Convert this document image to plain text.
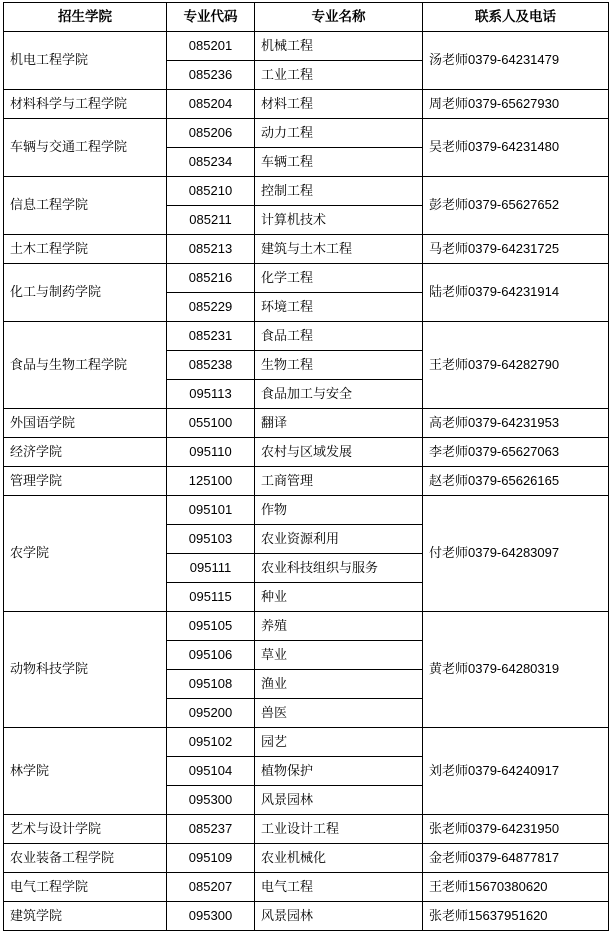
招生学院	专业代码	专业名称	联系人及电话
机电工程学院	085201	机械工程	汤老师0379-64231479
	085236	工业工程	
材料科学与工程学院	085204	材料工程	周老师0379-65627930
车辆与交通工程学院	085206	动力工程	吴老师0379-64231480
	085234	车辆工程	
信息工程学院	085210	控制工程	彭老师0379-65627652
	085211	计算机技术	
土木工程学院	085213	建筑与土木工程	马老师0379-64231725
化工与制药学院	085216	化学工程	陆老师0379-64231914
	085229	环境工程	
食品与生物工程学院	085231	食品工程	王老师0379-64282790
	085238	生物工程	
	095113	食品加工与安全	
外国语学院	055100	翻译	高老师0379-64231953
经济学院	095110	农村与区域发展	李老师0379-65627063
管理学院	125100	工商管理	赵老师0379-65626165
农学院	095101	作物	付老师0379-64283097
	095103	农业资源利用	
	095111	农业科技组织与服务	
	095115	种业	
动物科技学院	095105	养殖	黄老师0379-64280319
	095106	草业	
	095108	渔业	
	095200	兽医	
林学院	095102	园艺	刘老师0379-64240917
	095104	植物保护	
	095300	风景园林	
艺术与设计学院	085237	工业设计工程	张老师0379-64231950
农业装备工程学院	095109	农业机械化	金老师0379-64877817
电气工程学院	085207	电气工程	王老师15670380620
建筑学院	095300	风景园林	张老师15637951620
